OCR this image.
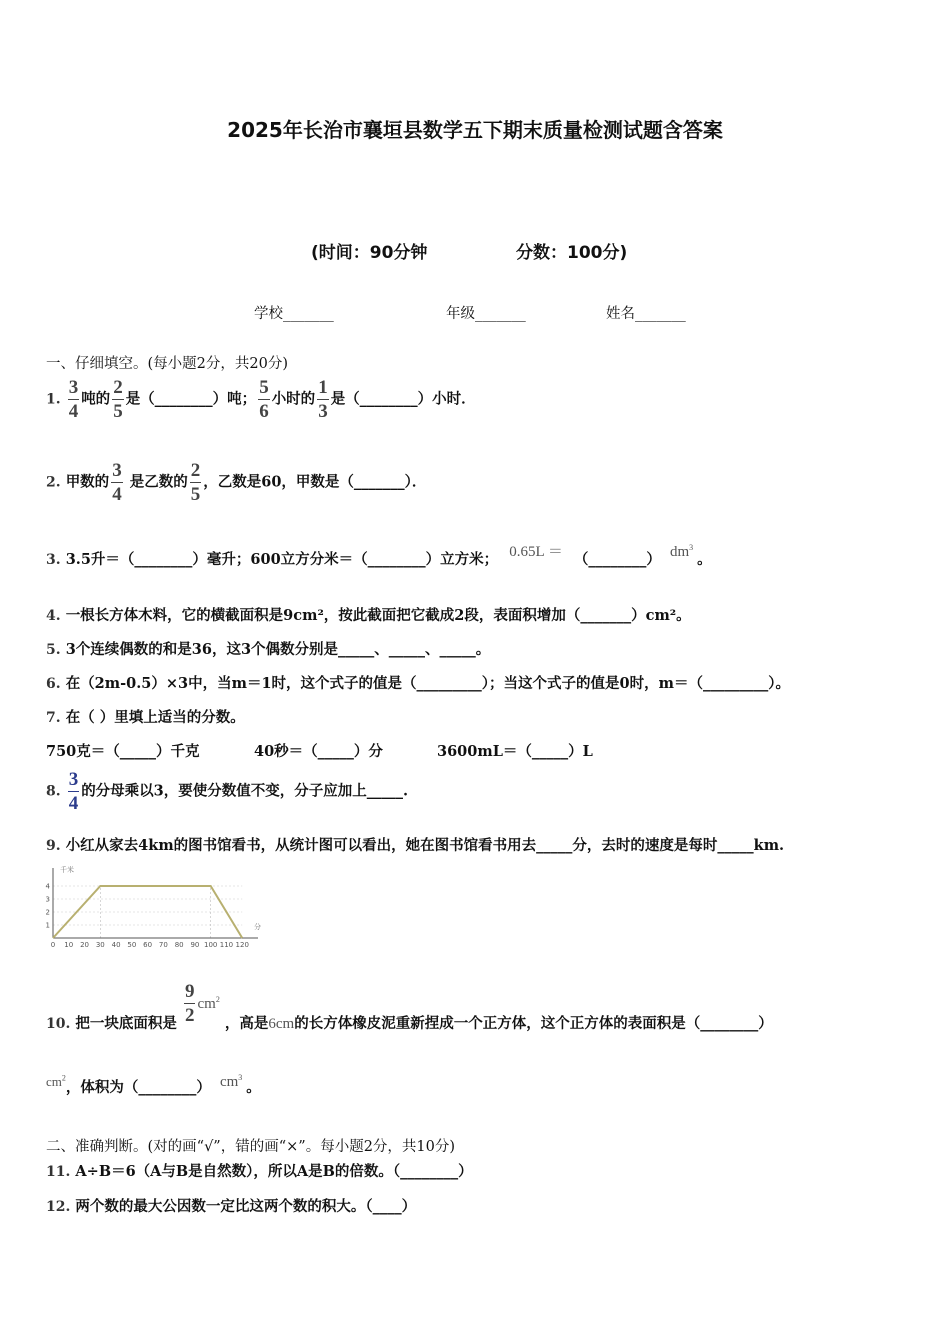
2025年长治市襄垣县数学五下期末质量检测试题含答案
(时间：90分钟	分数：100分)
学校_______	年级_______	姓名_______
一、仔细填空。(每小题2分，共20分)
1. $\frac{3}{4}$ 吨的 $\frac{2}{5}$ 是（________）吨； $\frac{5}{6}$ 小时的 $\frac{1}{3}$ 是（________）小时．
2. 甲数的 $\frac{3}{4}$ 是乙数的 $\frac{2}{5}$ ，乙数是60，甲数是（_______）．
3. 3.5升＝（________）毫升；600立方分米＝（________）立方米； 0.65L ＝ （________） $dm^3$。
4. 一根长方体木料，它的横截面积是9cm²，按此截面把它截成2段，表面积增加（_______）cm²。
5. 3个连续偶数的和是36，这3个偶数分别是_____、_____、_____。
6. 在（2m-0.5）×3中，当m＝1时，这个式子的值是（_________）；当这个式子的值是0时，m＝（_________）。
7. 在（ ）里填上适当的分数。
750克＝（_____）千克	40秒＝（_____）分	3600mL＝（_____）L
8. $\frac{3}{4}$ 的分母乘以3，要使分数值不变，分子应加上_____.
9. 小红从家去4km的图书馆看书，从统计图可以看出，她在图书馆看书用去_____分，去时的速度是每时_____km.
千米
分
0 10 20 30 40 50 60 70 80 90 100 110 120
1
2
3
4
10. 把一块底面积是 $\frac{9}{2} cm^2$ ，高是6cm的长方体橡皮泥重新捏成一个正方体，这个正方体的表面积是（________）
$cm^2$，体积为（________） $cm^3$。
二、准确判断。(对的画“√”，错的画“×”。每小题2分，共10分)
11. A÷B＝6（A与B是自然数），所以A是B的倍数。（________）
12. 两个数的最大公因数一定比这两个数的积大。（____）
